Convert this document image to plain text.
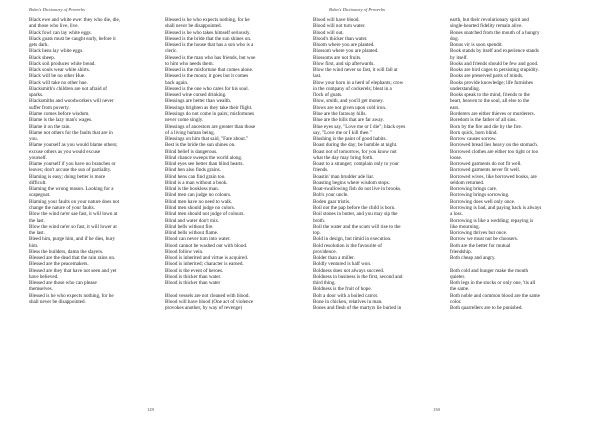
Bohn's Dictionary of Proverbs

Black ewe and white ewe: they who die, die,
and those who live, live.

Black fowl can lay white eggs.

Black goats must be caught early, before it
gets dark.

Black hens lay white eggs.

Black sheep.

Black soil produces white bread.

Black souls wear white shirts.

Black will be no other Hue.

Black will take no other hue.

Blacksmith's children are not afraid of
sparks.

Blacksmiths and woodworkers will never
suffer from poverty.

Blame comes before wisdom.

Blame is the lazy man's wages.

Blame it on the rain.

Blame not others for the faults that are in
you.

Blame yourself as you would blame others;
excuse others as you would excuse
yourself.

Blame yourself if you have no branches or
leaves; don't accuse the sun of partiality.

Blaming is easy; doing better is more
difficult.

Blaming the wrong reason. Looking for a
scapegoat.

Blaming your faults on your nature does not
change the nature of your faults.

Blow the wind ne'er sae fast, it will lown at
the last.

Blow the wind ne'er so fast, it will lower at
the last.

Bleed him, purge him, and if he dies, bury
him.

Bless the builders, damn the slayers.

Blessed are the dead that the rain rains on.

Blessed are the peacemakers.

Blessed are they that have not seen and yet
have believed.

Blessed are those who can please
themselves.

Blessed is he who expects nothing, for he
shall never be disappointed.

Blessed is he who expects nothing, for he
shall never be disappointed.

Blessed is he who takes himself seriously.

Blessed is the bride that the sun shines on.

Blessed is the house that has a son who is a
cleric.

Blessed is the man who has friends, but woe
to him who needs them.

Blessed is the misfortune that comes alone.

Blessed is the moon; it goes but it comes
back again.

Blessed is the one who cares for his soul.

Blessed wine cursed drinking.

Blessings are better than wealth.

Blessings brighten as they take their flight.

Blessings do not come in pairs; misfortunes
never come singly.

Blessings of ancestors are greater than those
of a living human being.

Blessings on him that said, "Fare about."

Best is the bride the sun shines on.

Blind belief is dangerous.

Blind chance sweeps the world along.

Blind eyes see better than blind hearts.

Blind hen also finds grains.

Blind hens can find grain too.

Blind is a man without a book.

Blind is the bookless man.

Blind men can judge no colours.

Blind men have no need to walk.

Blind men should judge no colors.

Blind men should not judge of colours.

Blind and water don't mix.

Blind bells without fire.

Blind bells without flame.

Blood can never turn into water.

Blood cannot be washed out with blood.

Blood follow vein.

Blood is inherited and virtue is acquired.

Blood is inherited; character is earned.

Blood is the event of heroes.

Blood is thicker than water.

Blood is thicker than water

Blood vessels are not cleaned with blood.

Blood will have blood (One act of violence
provokes another, by way of revenge)

129
Bohn's Dictionary of Proverbs

Blood will have blood.

Blood will not turn water.

Blood will out.

Blood's thicker than water.

Bloom where you are planted.

Blossom where you are planted.

Blossoms are not fruits.

Blow first, and sip afterwards.

Blow the wind never so fast, it will fall at
last.

Blow your horn in a herd of elephants; crow
in the company of cockerels; bleat in a
flock of goats.

Blow, smith, and you'll get money.

Blows are not given upon cold iron.

Blue are the faraway hills.

Blue are the hills that are far away.

Blue eyes say, "Love me or I die"; black eyes
say, "Love me or I kill thee."

Blushing is the paint of good habits.

Boast during the day; be humble at night.

Boast not of tomorrow, for you know not
what the day may bring forth.

Boast to a stranger; complain only to your
friends.

Boastin' man brudder ade liar.

Boasting begins where wisdom stops.

Boat-swallowing fish do not live in brooks.

Bob's your uncle.

Boden gaar tristis.

Boil not the pap before the child is born.

Boil stones in butter, and you may sip the
broth.

Boil the water and the scum will rise to the
top.

Bold in design, but timid in execution.

Bold resolution is the favourite of
providence.

Bolder than a miller.

Boldly ventured is half won.

Boldness does not always succeed.

Boldness in business is the first, second and
third thing.

Boldness is the fruit of hope.

Bolt a door with a boiled carrot.

Bone in chicken, relatives in man.

Bones and flesh of the martyrs lie buried in

earth, but their revolutionary spirit and
single-hearted fidelity remain alive.

Bones snatched from the mouth of a hungry
dog.

Bonus vir is soon spendit.

Book stands by itself and experience stands
by itself.

Books and friends should be few and good.

Books are bird cages to persisting stupidity.

Books are preserved parts of minds.

Books provide knowledge; life furnishes
understanding.

Books speak to the mind, friends to the
heart, heaven to the soul, all else to the
ears.

Borderers are either thieves or murderers.

Boredom is the father of all sins.

Born by the fire and die by the fire.

Born quick, born blind.

Borrow causes sorrow.

Borrowed bread lies heavy on the stomach.

Borrowed clothes are either too tight or too
loose.

Borrowed garments do not fit well.

Borrowed garments never fit well.

Borrowed wives, like borrowed books, are
seldom returned.

Borrowing brings care.

Borrowing brings sorrowing.

Borrowing does well only once.

Borrowing is bad, and paying back is always
a loss.

Borrowing is like a wedding; repaying is
like mourning.

Borrowing thrives but once.

Borrow we must not be choosers.

Both are the better for mutual
friendship.

Both cheap and angry.

Both cold and hunger make the mouth
quieter.

Both legs in the stocks or only one, 'tis all
the same.

Both noble and common blood are the same
color.

Both quarrellers are to be punished.

130
